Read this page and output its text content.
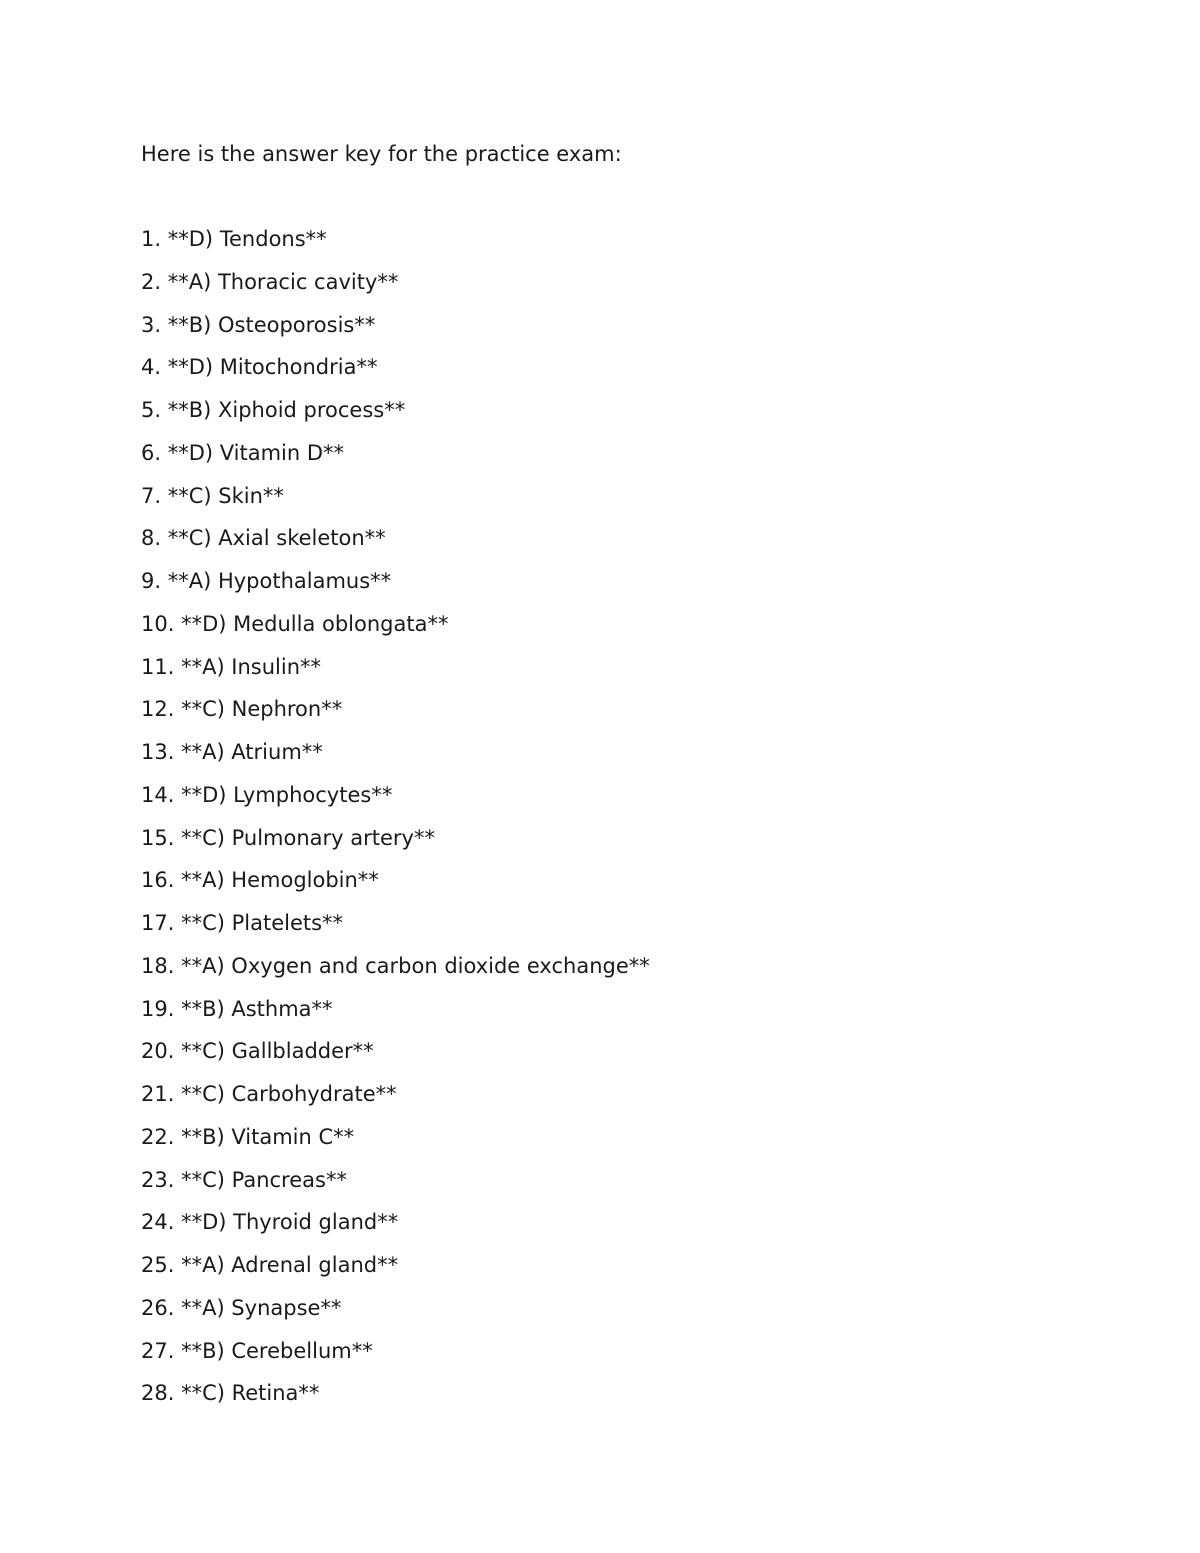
Here is the answer key for the practice exam:
1. **D) Tendons**
2. **A) Thoracic cavity**
3. **B) Osteoporosis**
4. **D) Mitochondria**
5. **B) Xiphoid process**
6. **D) Vitamin D**
7. **C) Skin**
8. **C) Axial skeleton**
9. **A) Hypothalamus**
10. **D) Medulla oblongata**
11. **A) Insulin**
12. **C) Nephron**
13. **A) Atrium**
14. **D) Lymphocytes**
15. **C) Pulmonary artery**
16. **A) Hemoglobin**
17. **C) Platelets**
18. **A) Oxygen and carbon dioxide exchange**
19. **B) Asthma**
20. **C) Gallbladder**
21. **C) Carbohydrate**
22. **B) Vitamin C**
23. **C) Pancreas**
24. **D) Thyroid gland**
25. **A) Adrenal gland**
26. **A) Synapse**
27. **B) Cerebellum**
28. **C) Retina**
